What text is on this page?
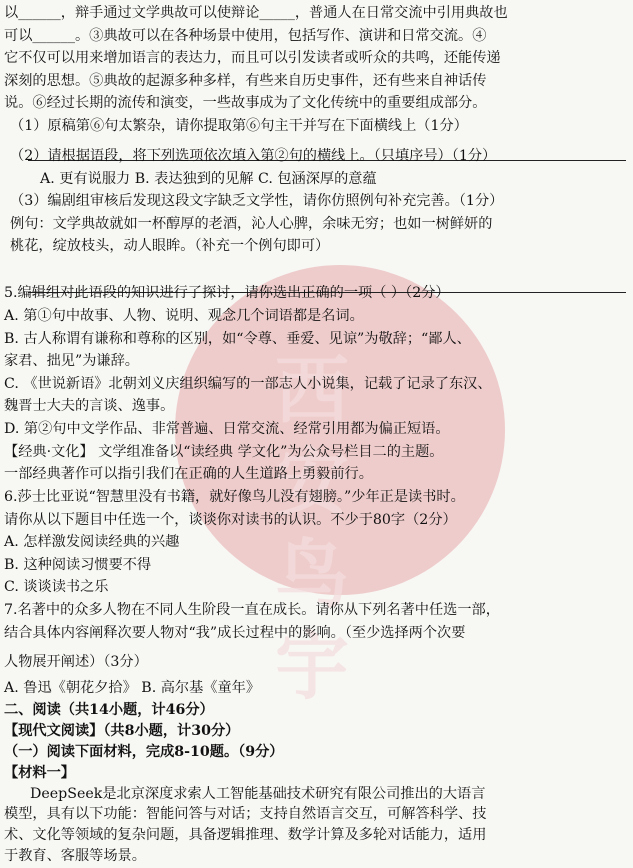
西安
鸟宇
以______，辩手通过文学典故可以使辩论_____，普通人在日常交流中引用典故也
可以______。③典故可以在各种场景中使用，包括写作、演讲和日常交流。④
它不仅可以用来增加语言的表达力，而且可以引发读者或听众的共鸣，还能传递
深刻的思想。⑤典故的起源多种多样，有些来自历史事件，还有些来自神话传
说。⑥经过长期的流传和演变，一些故事成为了文化传统中的重要组成部分。
（1）原稿第⑥句太繁杂，请你提取第⑥句主干并写在下面横线上（1分）
（2）请根据语段，将下列选项依次填入第②句的横线上。（只填序号）（1分）
A. 更有说服力 B. 表达独到的见解 C. 包涵深厚的意蕴
（3）编剧组审核后发现这段文字缺乏文学性，请你仿照例句补充完善。（1分）
例句：文学典故就如一杯醇厚的老酒，沁人心脾，余味无穷；也如一树鲜妍的
桃花，绽放枝头，动人眼眸。（补充一个例句即可）
5.编辑组对此语段的知识进行了探讨，请你选出正确的一项（ ）（2分）
A. 第①句中故事、人物、说明、观念几个词语都是名词。
B. 古人称谓有谦称和尊称的区别，如“令尊、垂爱、见谅”为敬辞；“鄙人、
家君、拙见”为谦辞。
C. 《世说新语》北朝刘义庆组织编写的一部志人小说集，记载了记录了东汉、
魏晋士大夫的言谈、逸事。
D. 第②句中文学作品、非常普遍、日常交流、经常引用都为偏正短语。
【经典·文化】 文学组准备以“读经典 学文化”为公众号栏目二的主题。
一部经典著作可以指引我们在正确的人生道路上勇毅前行。
6.莎士比亚说“智慧里没有书籍，就好像鸟儿没有翅膀。”少年正是读书时。
请你从以下题目中任选一个，谈谈你对读书的认识。不少于80字（2分）
A. 怎样激发阅读经典的兴趣
B. 这种阅读习惯要不得
C. 谈谈读书之乐
7.名著中的众多人物在不同人生阶段一直在成长。请你从下列名著中任选一部，
结合具体内容阐释次要人物对“我”成长过程中的影响。（至少选择两个次要
人物展开阐述）（3分）
A. 鲁迅《朝花夕拾》 B. 高尔基《童年》
二、阅读（共14小题，计46分）
【现代文阅读】（共8小题，计30分）
（一）阅读下面材料，完成8-10题。（9分）
【材料一】
DeepSeek是北京深度求索人工智能基础技术研究有限公司推出的大语言
模型，具有以下功能：智能问答与对话；支持自然语言交互，可解答科学、技
术、文化等领域的复杂问题，具备逻辑推理、数学计算及多轮对话能力，适用
于教育、客服等场景。
